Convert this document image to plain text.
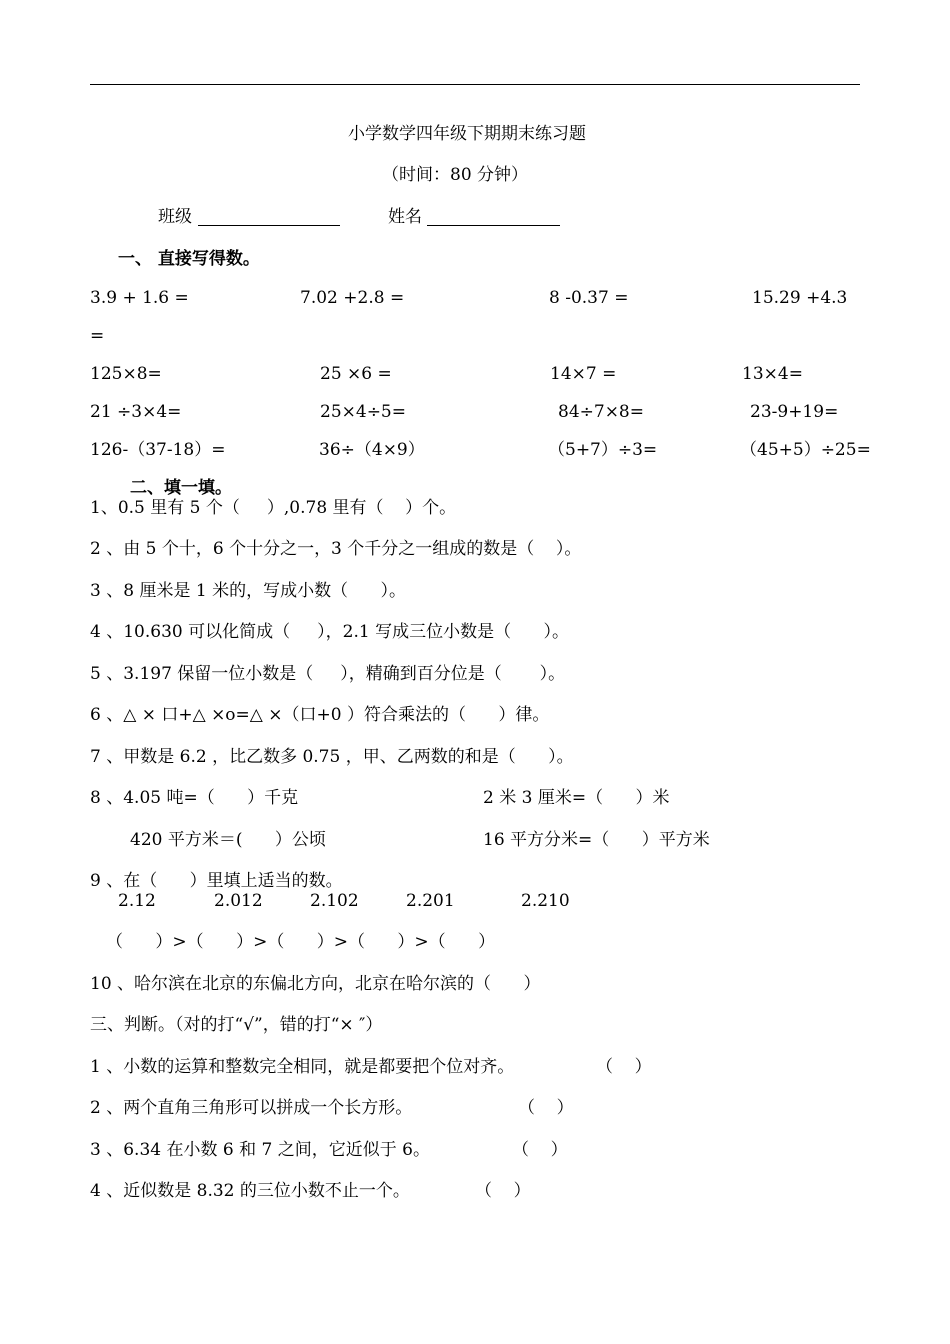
小学数学四年级下期期末练习题
（时间：80 分钟）
班级	姓名
一、 直接写得数。
3.9 + 1.6 =	7.02 +2.8 =	8 -0.37 =	15.29 +4.3
=
125×8=	25 ×6 =	14×7 =	13×4=
21 ÷3×4=	25×4÷5=	84÷7×8=	23-9+19=
126-（37-18）=	36÷（4×9）	（5+7）÷3=	（45+5）÷25=
二、填一填。
1、0.5 里有 5 个（     ）,0.78 里有（    ）个。
2 、由 5 个十，6 个十分之一，3 个千分之一组成的数是（    ）。
3 、8 厘米是 1 米的，写成小数（      ）。
4 、10.630 可以化简成（     ），2.1 写成三位小数是（      ）。
5 、3.197 保留一位小数是（     ），精确到百分位是（       ）。
6 、△ × 口+△ ×o=△ ×（口+0 ）符合乘法的（      ）律。
7 、甲数是 6.2 ，比乙数多 0.75 ，甲、乙两数的和是（      ）。
8 、4.05 吨=（      ）千克	2 米 3 厘米=（      ）米
420 平方米＝(      ）公顷	16 平方分米=（      ）平方米
9 、在（      ）里填上适当的数。
2.12	2.012	2.102	2.201	2.210
（      ）>（      ）>（      ）>（      ）>（      ）
10 、哈尔滨在北京的东偏北方向，北京在哈尔滨的（      ）
三、判断。（对的打“√”，错的打“× ″）
1 、小数的运算和整数完全相同，就是都要把个位对齐。	（    ）
2 、两个直角三角形可以拼成一个长方形。	（    ）
3 、6.34 在小数 6 和 7 之间，它近似于 6。	（    ）
4 、近似数是 8.32 的三位小数不止一个。	（    ）
